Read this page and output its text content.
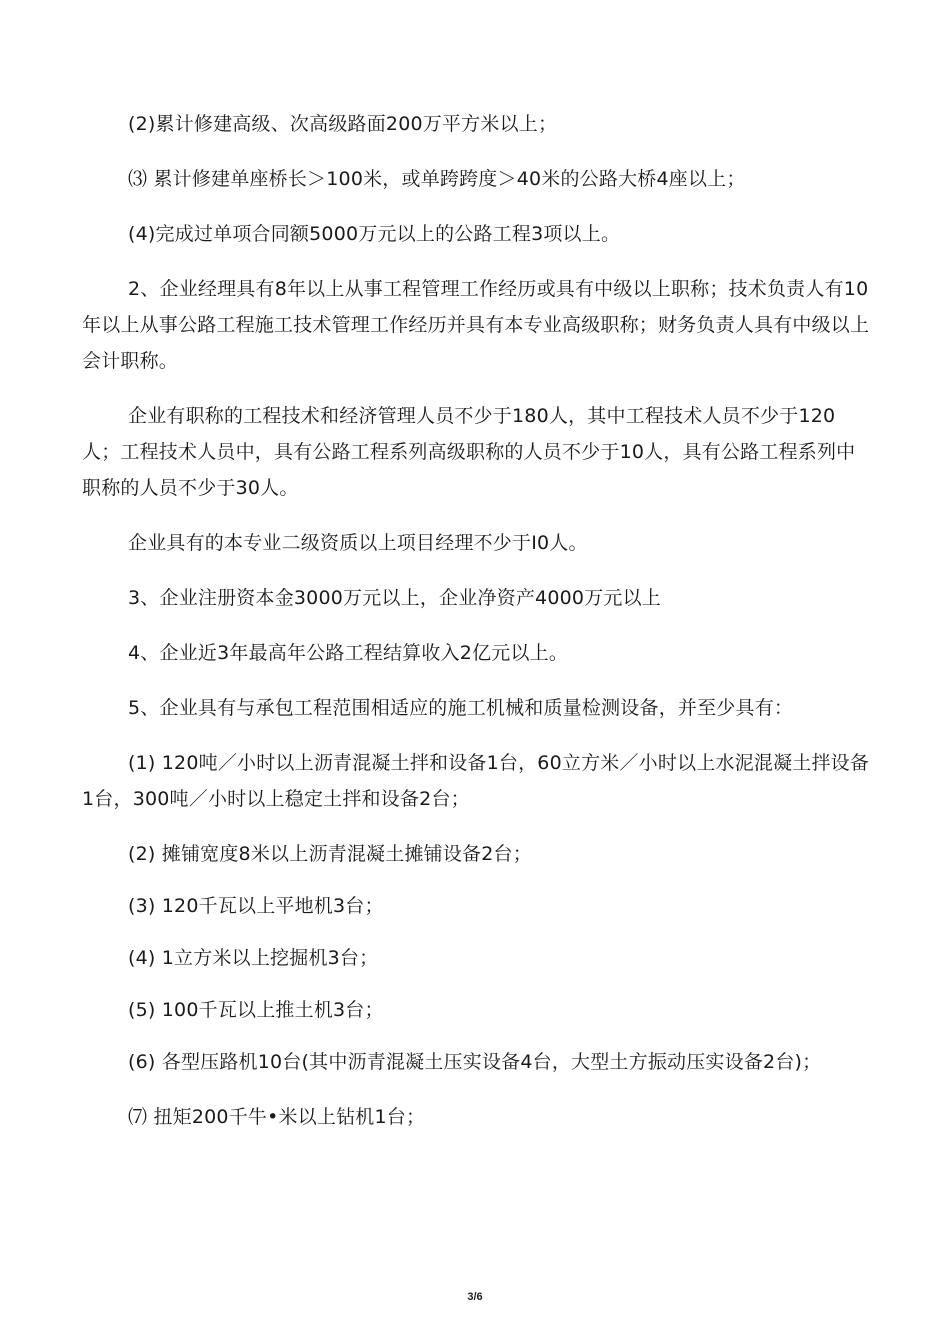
(2)累计修建高级、次高级路面200万平方米以上；

⑶ 累计修建单座桥长＞100米，或单跨跨度＞40米的公路大桥4座以上；

(4)完成过单项合同额5000万元以上的公路工程3项以上。

2、企业经理具有8年以上从事工程管理工作经历或具有中级以上职称；技术负责人有10年以上从事公路工程施工技术管理工作经历并具有本专业高级职称；财务负责人具有中级以上会计职称。

企业有职称的工程技术和经济管理人员不少于180人，其中工程技术人员不少于120人；工程技术人员中，具有公路工程系列高级职称的人员不少于10人，具有公路工程系列中职称的人员不少于30人。

企业具有的本专业二级资质以上项目经理不少于I0人。

3、企业注册资本金3000万元以上，企业净资产4000万元以上

4、企业近3年最高年公路工程结算收入2亿元以上。

5、企业具有与承包工程范围相适应的施工机械和质量检测设备，并至少具有：

(1) 120吨／小时以上沥青混凝土拌和设备1台，60立方米／小时以上水泥混凝土拌设备1台，300吨／小时以上稳定土拌和设备2台；

(2) 摊铺宽度8米以上沥青混凝土摊铺设备2台；

(3) 120千瓦以上平地机3台；

(4) 1立方米以上挖掘机3台；

(5) 100千瓦以上推土机3台；

(6) 各型压路机10台(其中沥青混凝土压实设备4台，大型土方振动压实设备2台)；

⑺ 扭矩200千牛•米以上钻机1台；

3/6
